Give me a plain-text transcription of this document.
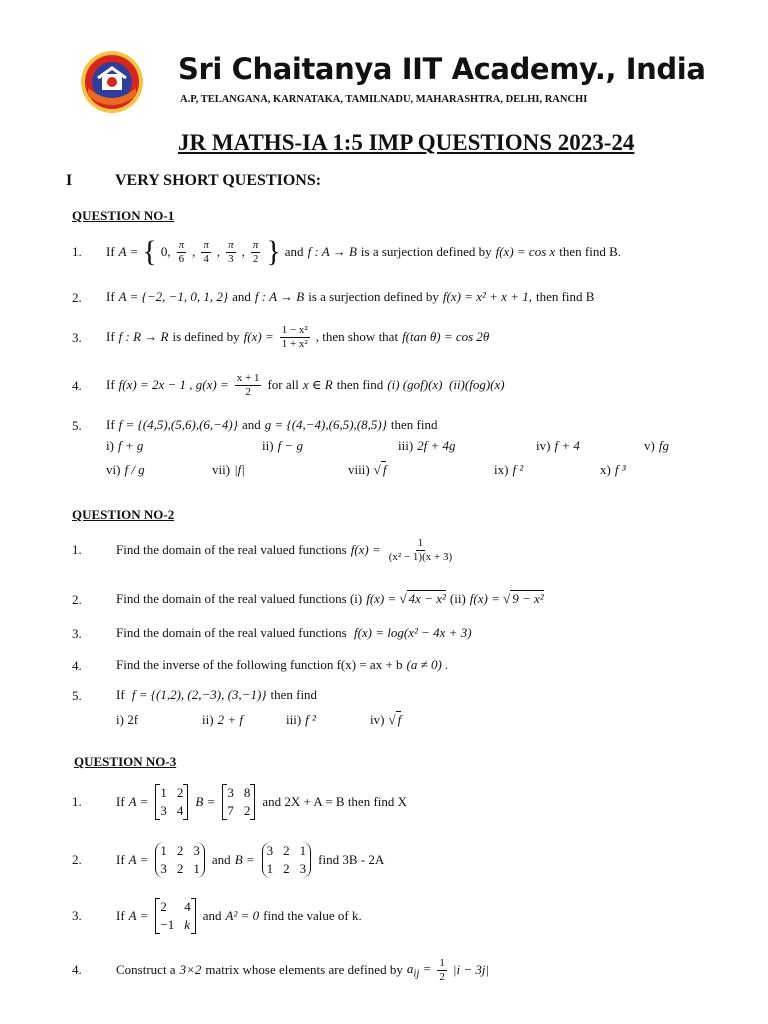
Sri Chaitanya IIT Academy., India
A.P, TELANGANA, KARNATAKA, TAMILNADU, MAHARASHTRA, DELHI, RANCHI
JR MATHS-IA 1:5 IMP QUESTIONS 2023-24
I	VERY SHORT QUESTIONS:
QUESTION NO-1
1. If A = { 0, $\frac{\pi}{6}$ , $\frac{\pi}{4}$ , $\frac{\pi}{3}$ , $\frac{\pi}{2}$ } and f : A → B is a surjection defined by f(x) = cos x then find B.
2. If A = {−2, −1, 0, 1, 2} and f : A → B is a surjection defined by f(x) = x² + x + 1, then find B
3. If f : R → R is defined by $f(x) = \frac{\text{1 − x²}}{\text{1 + x²}}$ , then show that f(tan θ) = cos 2θ
4. If f(x) = 2x − 1 , $g(x) = \frac{x + 1}{2}$ for all x ∈ R then find (i) (gof)(x)  (ii)(fog)(x)
5. If f = {(4,5),(5,6),(6,−4)} and g = {(4,−4),(6,5),(8,5)} then find
i) f + g	ii) f − g	iii) 2f + 4g	iv) f + 4	v) fg
vi) f / g	vii) |f|	viii) √ f	ix) f ²	x) f ³
QUESTION NO-2
1.	Find the domain of the real valued functions $f(x) = \frac{1}{\text{(x² − 1)(x + 3)}}$
2.	Find the domain of the real valued functions (i) f(x) = √ 4x − x² (ii) f(x) = √ 9 − x²
3.	Find the domain of the real valued functions f(x) = log(x² − 4x + 3)
4.	Find the inverse of the following function f(x) = ax + b (a ≠ 0) .
5.	If f = {(1,2), (2,−3), (3,−1)} then find
i) 2f	ii) 2 + f	iii) f ²	iv) √ f
QUESTION NO-3
1.	If A =
1 2
3 4
B =
3 8
7 2
and 2X + A = B then find X
2.	If A =
1 2 3
3 2 1
and B =
3 2 1
1 2 3
find 3B - 2A
3.	If A =
2	4
−1 k
and A² = 0 find the value of k.
4.	Construct a 3×2 matrix whose elements are defined by $a_{ij} = \frac{1}{2} |i - 3j|$
